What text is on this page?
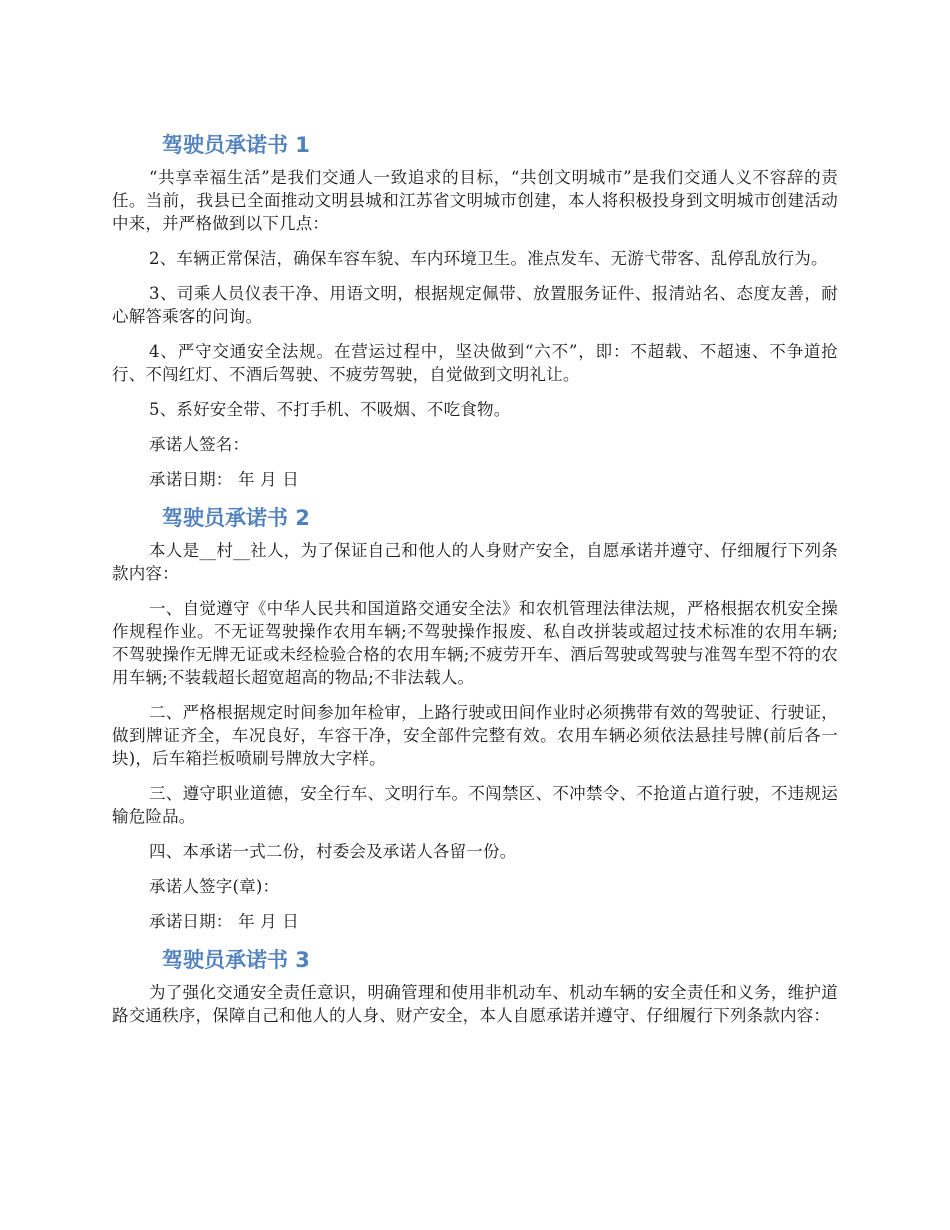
驾驶员承诺书 1

“共享幸福生活”是我们交通人一致追求的目标，“共创文明城市”是我们交通人义不容辞的责任。当前，我县已全面推动文明县城和江苏省文明城市创建，本人将积极投身到文明城市创建活动中来，并严格做到以下几点：

2、车辆正常保洁，确保车容车貌、车内环境卫生。准点发车、无游弋带客、乱停乱放行为。

3、司乘人员仪表干净、用语文明，根据规定佩带、放置服务证件、报清站名、态度友善，耐心解答乘客的问询。

4、严守交通安全法规。在营运过程中，坚决做到“六不”，即：不超载、不超速、不争道抢行、不闯红灯、不酒后驾驶、不疲劳驾驶，自觉做到文明礼让。

5、系好安全带、不打手机、不吸烟、不吃食物。

承诺人签名：

承诺日期： 年 月 日

驾驶员承诺书 2

本人是__村__社人，为了保证自己和他人的人身财产安全，自愿承诺并遵守、仔细履行下列条款内容：

一、自觉遵守《中华人民共和国道路交通安全法》和农机管理法律法规，严格根据农机安全操作规程作业。不无证驾驶操作农用车辆;不驾驶操作报废、私自改拼装或超过技术标准的农用车辆;不驾驶操作无牌无证或未经检验合格的农用车辆;不疲劳开车、酒后驾驶或驾驶与准驾车型不符的农用车辆;不装载超长超宽超高的物品;不非法载人。

二、严格根据规定时间参加年检审，上路行驶或田间作业时必须携带有效的驾驶证、行驶证，做到牌证齐全，车况良好，车容干净，安全部件完整有效。农用车辆必须依法悬挂号牌(前后各一块)，后车箱拦板喷刷号牌放大字样。

三、遵守职业道德，安全行车、文明行车。不闯禁区、不冲禁令、不抢道占道行驶，不违规运输危险品。

四、本承诺一式二份，村委会及承诺人各留一份。

承诺人签字(章)：

承诺日期： 年 月 日

驾驶员承诺书 3

为了强化交通安全责任意识，明确管理和使用非机动车、机动车辆的安全责任和义务，维护道路交通秩序，保障自己和他人的人身、财产安全，本人自愿承诺并遵守、仔细履行下列条款内容：
